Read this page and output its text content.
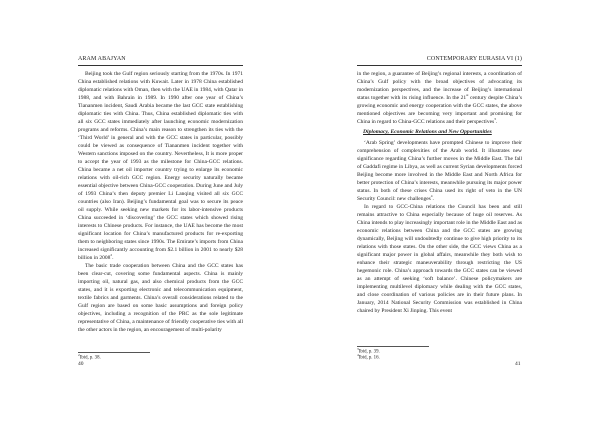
ARAM ABAJYAN

Beijing took the Gulf region seriously starting from the 1970s. In 1971 China established relations with Kuwait. Later in 1978 China established diplomatic relations with Oman, then with the UAE in 1984, with Qatar in 1988, and with Bahrain in 1989. In 1990 after one year of China’s Tiananmen incident, Saudi Arabia became the last GCC state establishing diplomatic ties with China. Thus, China established diplomatic ties with all six GCC states immediately after launching economic modernization programs and reforms. China’s main reason to strengthen its ties with the ‘Third World’ in general and with the GCC states in particular, possibly could be viewed as consequence of Tiananmen incident together with Western sanctions imposed on the country. Nevertheless, It is more proper to accept the year of 1993 as the milestone for China-GCC relations. China became a net oil importer country trying to enlarge its economic relations with oil-rich GCC region. Energy security naturally became essential objective between China-GCC cooperation. During June and July of 1993 China’s then deputy premier Li Lanqing visited all six GCC countries (also Iran). Beijing’s fundamental goal was to secure its peace oil supply. While seeking new markets for its labor-intensive products China succeeded in ‘discovering’ the GCC states which showed rising interests to Chinese products. For instance, the UAE has become the most significant location for China’s manufactured products for re-exporting them to neighboring states since 1990s. The Emirate’s imports from China increased significantly accounting from $2.1 billion in 2001 to nearly $28 billion in 2008$^2$.

The basic trade cooperation between China and the GCC states has been clear-cut, covering some fundamental aspects. China is mainly importing oil, natural gas, and also chemical products from the GCC states, and it is exporting electronic and telecommunication equipment, textile fabrics and garments. China’s overall considerations related to the Gulf region are based on some basic assumptions and foreign policy objectives, including a recognition of the PRC as the sole legitimate representative of China, a maintenance of friendly cooperative ties with all the other actors in the region, an encouragement of multi-polarity

$^2$Ibid, p. 38.
40
CONTEMPORARY EURASIA VI (1)

in the region, a guarantee of Beijing’s regional interests, a coordination of China’s Gulf policy with the broad objectives of advocating its modernization perspectives, and the increase of Beijing’s international status together with its rising influence. In the 21st century despite China’s growing economic and energy cooperation with the GCC states, the above mentioned objectives are becoming very important and promising for China in regard to China-GCC relations and their perspectives$^3$.

Diplomacy, Economic Relations and New Opportunities

‘Arab Spring’ developments have prompted Chinese to improve their comprehension of complexities of the Arab world. It illustrates new significance regarding China’s further moves in the Middle East. The fall of Gaddafi regime in Libya, as well as current Syrian developments forced Beijing become more involved in the Middle East and North Africa for better protection of China’s interests, meanwhile pursuing its major power status. In both of these crises China used its right of veto in the UN Security Council: new challenges$^4$.

In regard to GCC-China relations the Council has been and still remains attractive to China especially because of huge oil reserves. As China intends to play increasingly important role in the Middle East and as economic relations between China and the GCC states are growing dynamically, Beijing will undoubtedly continue to give high priority to its relations with those states. On the other side, the GCC views China as a significant major power in global affairs, meanwhile they both wish to enhance their strategic maneuverability through restricting the US hegemonic role. China’s approach towards the GCC states can be viewed as an attempt of seeking ‘soft balance’. Chinese policymakers are implementing multilevel diplomacy while dealing with the GCC states, and close coordination of various policies are in their future plans. In January, 2014 National Security Commission was established in China chaired by President Xi Jinping. This event

$^3$Ibid, p. 39.
$^4$Ibid, p. 16.
41
